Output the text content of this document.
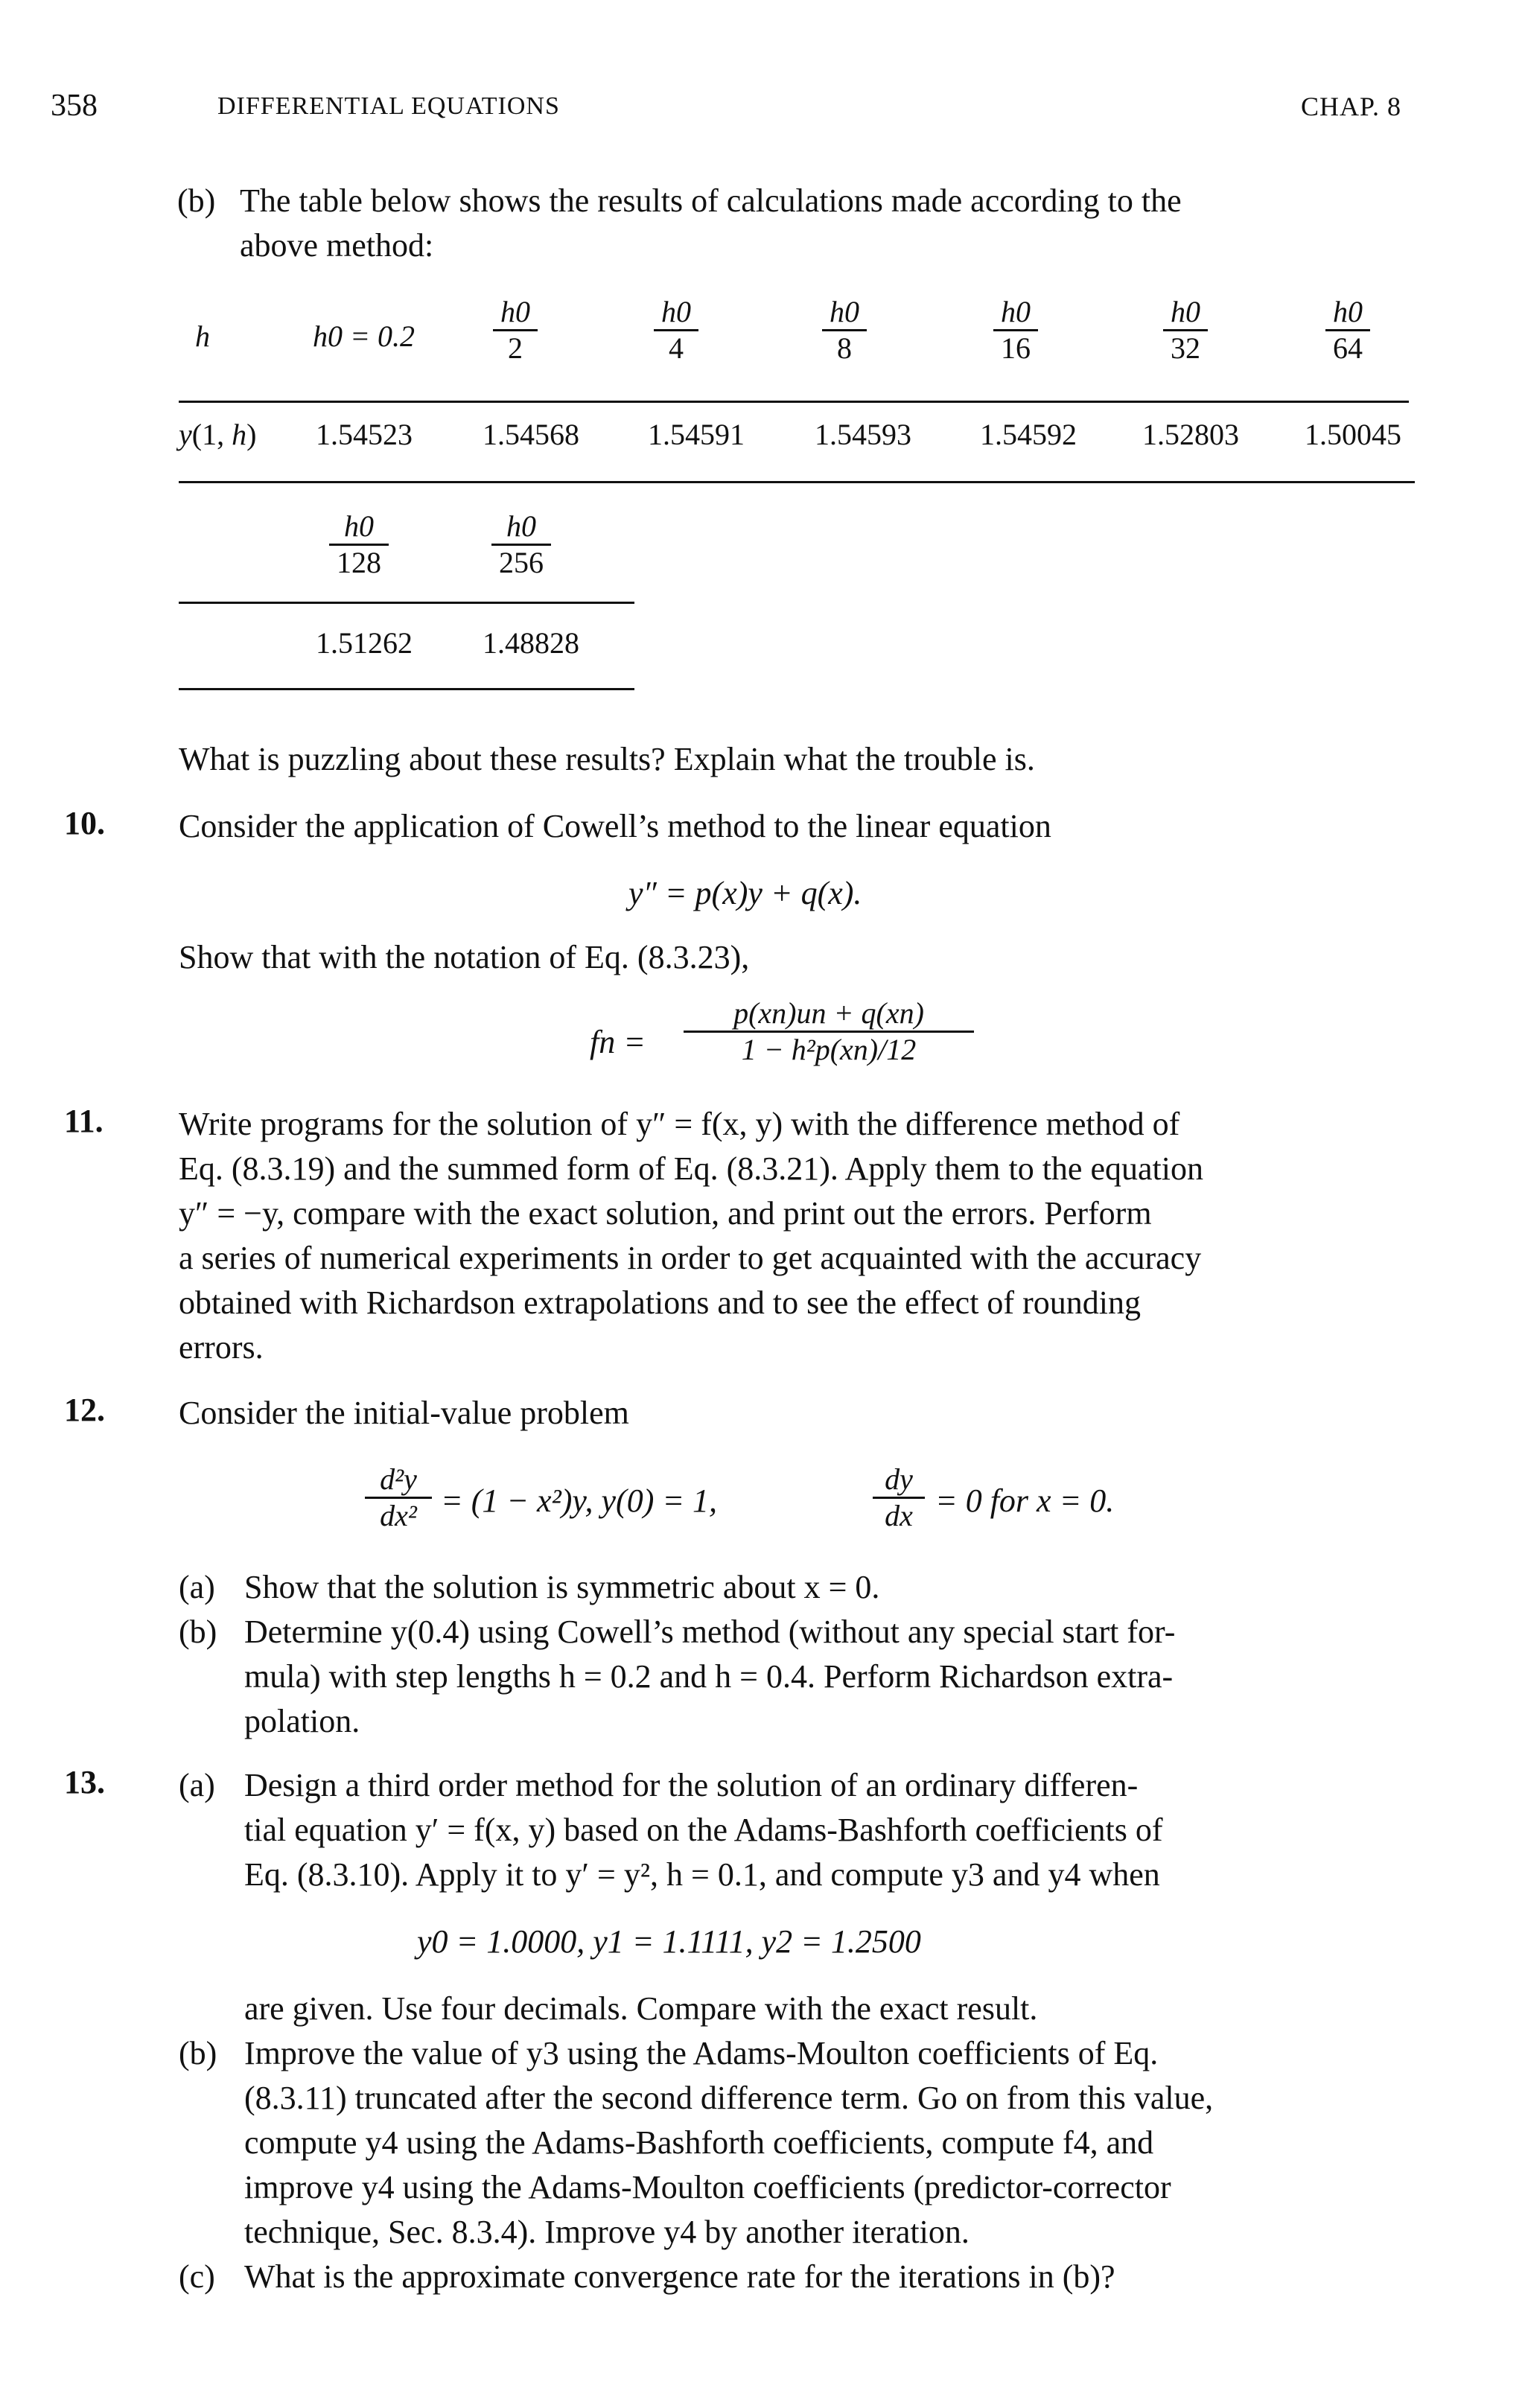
358	DIFFERENTIAL EQUATIONS	CHAP. 8
(b) The table below shows the results of calculations made according to the
above method:
h	h0 = 0.2	$\frac{h0}{2}$	$\frac{h0}{4}$	$\frac{h0}{8}$	$\frac{h0}{16}$	$\frac{h0}{32}$	$\frac{h0}{64}$
y(1, h) 1.54523 1.54568 1.54591 1.54593 1.54592 1.52803 1.50045
$\frac{h0}{128}$	$\frac{h0}{256}$
1.51262 1.48828
What is puzzling about these results? Explain what the trouble is.
10. Consider the application of Cowell’s method to the linear equation
y″ = p(x)y + q(x).
Show that with the notation of Eq. (8.3.23),
fn = $\frac{p(xn)un + q(xn)}{\text{1 − h²p(xn)/12}}$
11. Write programs for the solution of y″ = f(x, y) with the difference method of
Eq. (8.3.19) and the summed form of Eq. (8.3.21). Apply them to the equation
y″ = −y, compare with the exact solution, and print out the errors. Perform
a series of numerical experiments in order to get acquainted with the accuracy
obtained with Richardson extrapolations and to see the effect of rounding
errors.
12. Consider the initial-value problem
$\frac{\text{d²y}}{\text{dx²}} = (1 - x^2)y$, y(0) = 1,	$\frac{dy}{dx} = 0$ for x = 0.
(a) Show that the solution is symmetric about x = 0.
(b) Determine y(0.4) using Cowell’s method (without any special start for-
mula) with step lengths h = 0.2 and h = 0.4. Perform Richardson extra-
polation.
13. (a) Design a third order method for the solution of an ordinary differen-
tial equation y′ = f(x, y) based on the Adams-Bashforth coefficients of
Eq. (8.3.10). Apply it to y′ = y², h = 0.1, and compute y3 and y4 when
y0 = 1.0000, y1 = 1.1111, y2 = 1.2500
are given. Use four decimals. Compare with the exact result.
(b) Improve the value of y3 using the Adams-Moulton coefficients of Eq.
(8.3.11) truncated after the second difference term. Go on from this value,
compute y4 using the Adams-Bashforth coefficients, compute f4, and
improve y4 using the Adams-Moulton coefficients (predictor-corrector
technique, Sec. 8.3.4). Improve y4 by another iteration.
(c) What is the approximate convergence rate for the iterations in (b)?
